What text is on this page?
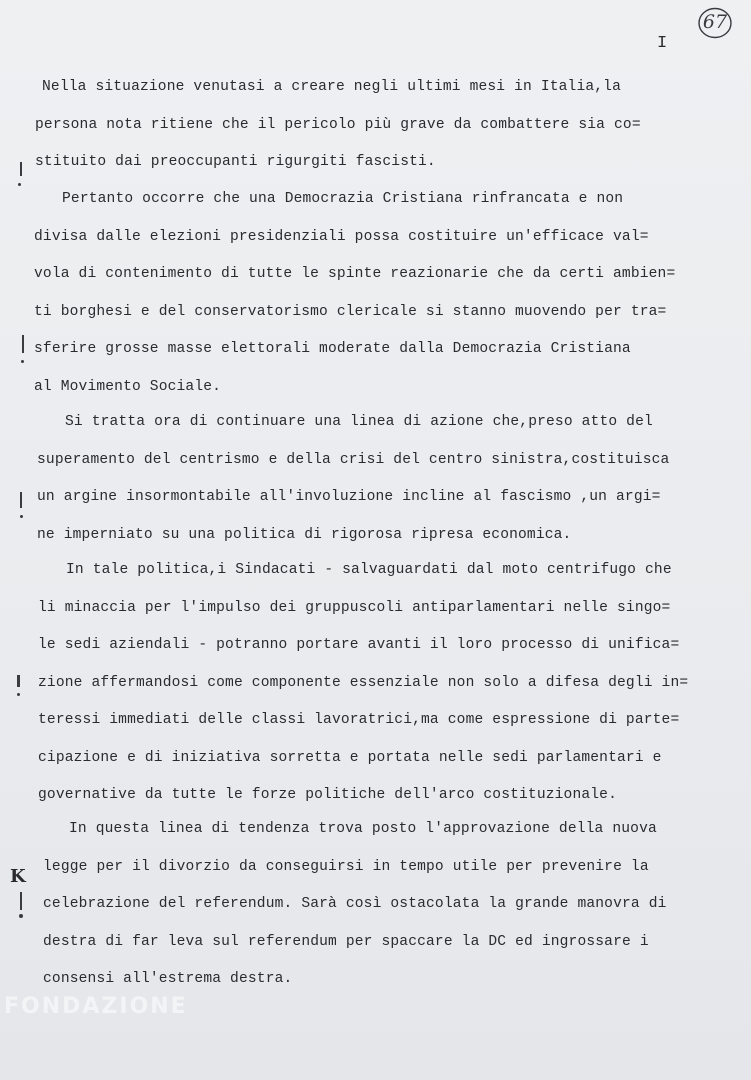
67
I

Nella situazione venutasi a creare negli ultimi mesi in Italia,la
persona nota ritiene che il pericolo più grave da combattere sia co=
stituito dai preoccupanti rigurgiti fascisti.

Pertanto occorre che una Democrazia Cristiana rinfrancata e non
divisa dalle elezioni presidenziali possa costituire un'efficace val=
vola di contenimento di tutte le spinte reazionarie che da certi ambien=
ti borghesi e del conservatorismo clericale si stanno muovendo per tra=
sferire grosse masse elettorali moderate dalla Democrazia Cristiana
al Movimento Sociale.

Si tratta ora di continuare una linea di azione che,preso atto del
superamento del centrismo e della crisi del centro sinistra,costituisca
un argine insormontabile all'involuzione incline al fascismo ,un argi=
ne imperniato su una politica di rigorosa ripresa economica.

In tale politica,i Sindacati - salvaguardati dal moto centrifugo che
li minaccia per l'impulso dei gruppuscoli antiparlamentari nelle singo=
le sedi aziendali - potranno portare avanti il loro processo di unifica=
zione affermandosi come componente essenziale non solo a difesa degli in=
teressi immediati delle classi lavoratrici,ma come espressione di parte=
cipazione e di iniziativa sorretta e portata nelle sedi parlamentari e
governative da tutte le forze politiche dell'arco costituzionale.

In questa linea di tendenza trova posto l'approvazione della nuova
legge per il divorzio da conseguirsi in tempo utile per prevenire la
celebrazione del referendum. Sarà così ostacolata la grande manovra di
destra di far leva sul referendum per spaccare la DC ed ingrossare i
consensi all'estrema destra.

K
FONDAZIONE
